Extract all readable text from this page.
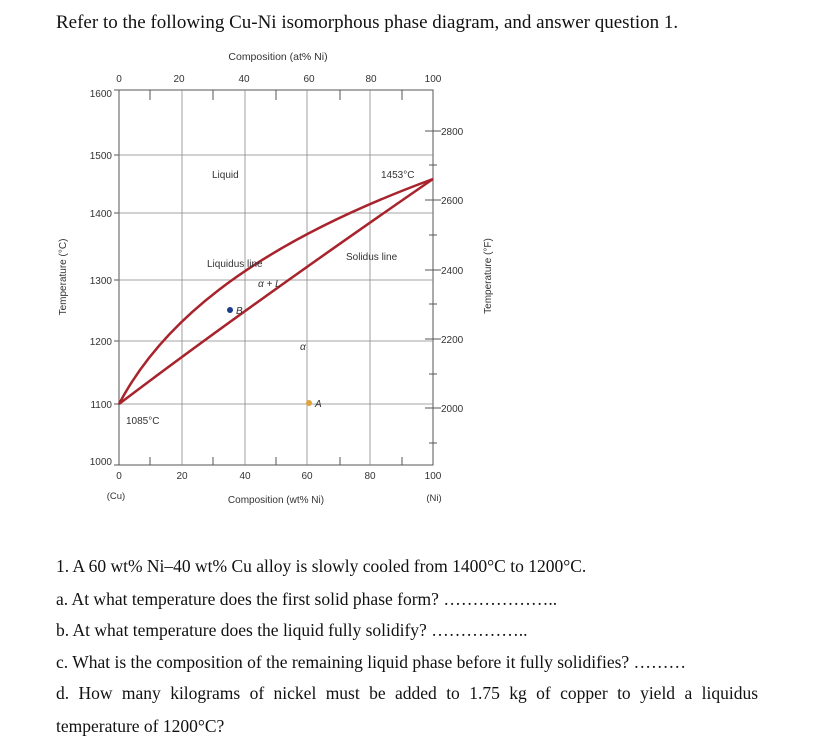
Refer to the following Cu-Ni isomorphous phase diagram, and answer question 1.
Composition (at% Ni)
0	20	40	60	80	100
1600
1500
1400
1300
1200
1100
1000
2800
2600
2400
2200
2000
0	20	40	60	80	100
(Cu)	(Ni)
Composition (wt% Ni)
Temperature (°C)	Temperature (°F)
Liquid	1453°C
Liquidus line
Solidus line
α + L
α
1085°C
B
A
1. A 60 wt% Ni–40 wt% Cu alloy is slowly cooled from 1400°C to 1200°C.
a. At what temperature does the first solid phase form? ………………..
b. At what temperature does the liquid fully solidify? ……………..
c. What is the composition of the remaining liquid phase before it fully solidifies? ………
d. How many kilograms of nickel must be added to 1.75 kg of copper to yield a liquidus
temperature of 1200°C?
